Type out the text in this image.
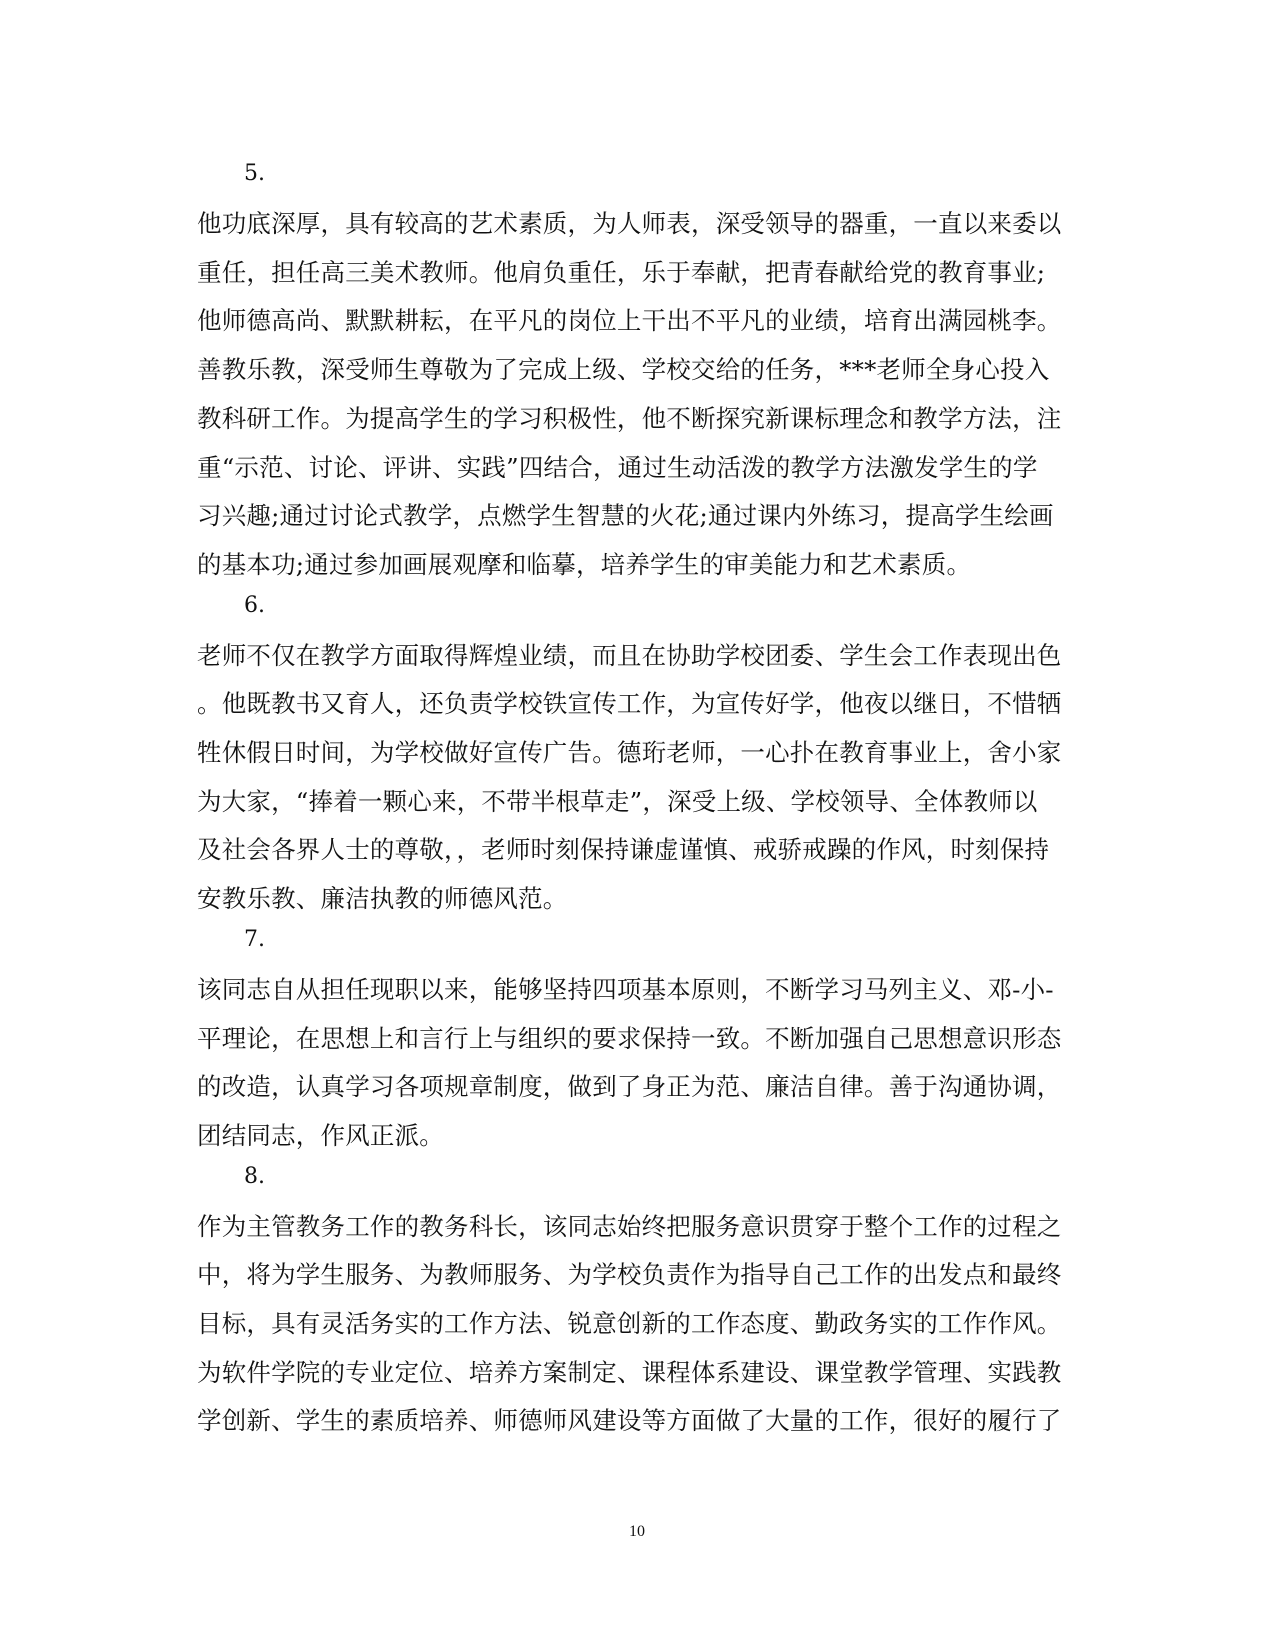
5.

他功底深厚，具有较高的艺术素质，为人师表，深受领导的器重，一直以来委以

重任，担任高三美术教师。他肩负重任，乐于奉献，把青春献给党的教育事业;

他师德高尚、默默耕耘，在平凡的岗位上干出不平凡的业绩，培育出满园桃李。

善教乐教，深受师生尊敬为了完成上级、学校交给的任务，***老师全身心投入

教科研工作。为提高学生的学习积极性，他不断探究新课标理念和教学方法，注

重“示范、讨论、评讲、实践”四结合，通过生动活泼的教学方法激发学生的学

习兴趣;通过讨论式教学，点燃学生智慧的火花;通过课内外练习，提高学生绘画

的基本功;通过参加画展观摩和临摹，培养学生的审美能力和艺术素质。

6.

老师不仅在教学方面取得辉煌业绩，而且在协助学校团委、学生会工作表现出色

。他既教书又育人，还负责学校铁宣传工作，为宣传好学，他夜以继日，不惜牺

牲休假日时间，为学校做好宣传广告。德珩老师，一心扑在教育事业上，舍小家

为大家，“捧着一颗心来，不带半根草走”，深受上级、学校领导、全体教师以

及社会各界人士的尊敬，，老师时刻保持谦虚谨慎、戒骄戒躁的作风，时刻保持

安教乐教、廉洁执教的师德风范。

7.

该同志自从担任现职以来，能够坚持四项基本原则，不断学习马列主义、邓-小-

平理论，在思想上和言行上与组织的要求保持一致。不断加强自己思想意识形态

的改造，认真学习各项规章制度，做到了身正为范、廉洁自律。善于沟通协调，

团结同志，作风正派。

8.

作为主管教务工作的教务科长，该同志始终把服务意识贯穿于整个工作的过程之

中，将为学生服务、为教师服务、为学校负责作为指导自己工作的出发点和最终

目标，具有灵活务实的工作方法、锐意创新的工作态度、勤政务实的工作作风。

为软件学院的专业定位、培养方案制定、课程体系建设、课堂教学管理、实践教

学创新、学生的素质培养、师德师风建设等方面做了大量的工作，很好的履行了

10
